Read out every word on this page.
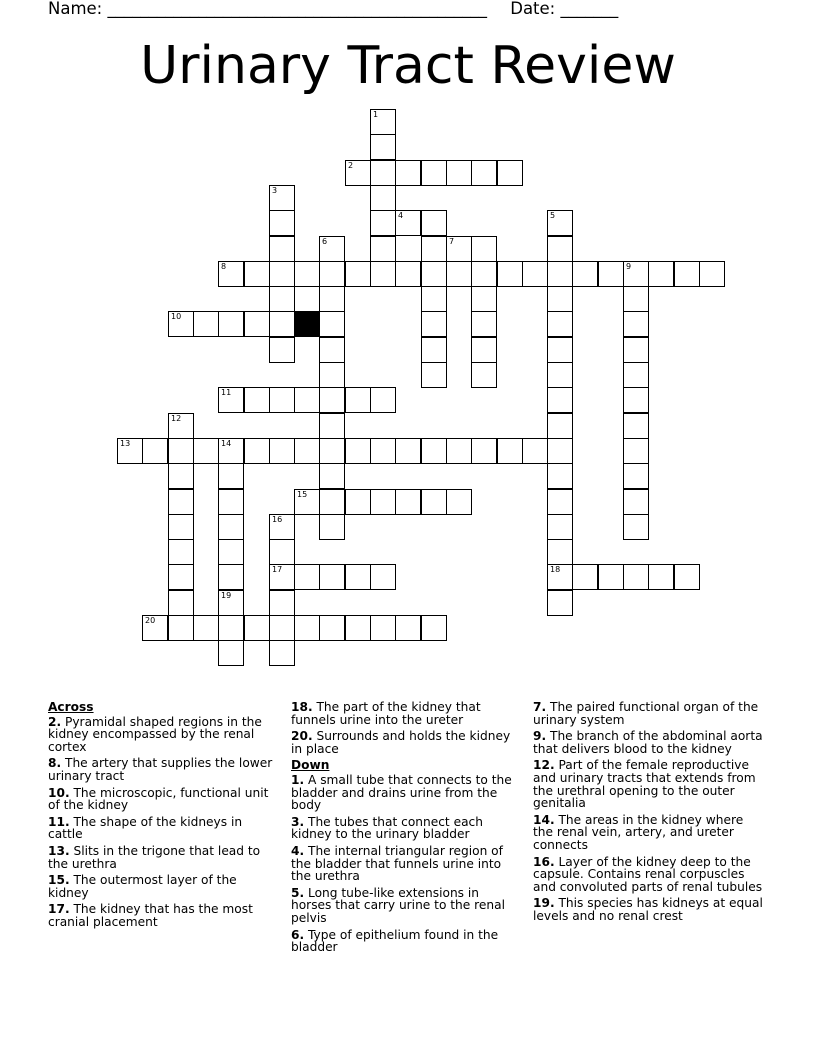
Name: ______________________________________________ Date: _______
Urinary Tract Review
2
8	9
10
11
13	14
15
17	18
20
1
3
5
6
12
16
19
4
7
Across
2. Pyramidal shaped regions in the kidney encompassed by the renal cortex
8. The artery that supplies the lower urinary tract
10. The microscopic, functional unit of the kidney
11. The shape of the kidneys in cattle
13. Slits in the trigone that lead to the urethra
15. The outermost layer of the kidney
17. The kidney that has the most cranial placement
18. The part of the kidney that funnels urine into the ureter
20. Surrounds and holds the kidney in place
Down
1. A small tube that connects to the bladder and drains urine from the body
3. The tubes that connect each kidney to the urinary bladder
4. The internal triangular region of the bladder that funnels urine into the urethra
5. Long tube-like extensions in horses that carry urine to the renal pelvis
6. Type of epithelium found in the bladder
7. The paired functional organ of the urinary system
9. The branch of the abdominal aorta that delivers blood to the kidney
12. Part of the female reproductive and urinary tracts that extends from the urethral opening to the outer genitalia
14. The areas in the kidney where the renal vein, artery, and ureter connects
16. Layer of the kidney deep to the capsule. Contains renal corpuscles and convoluted parts of renal tubules
19. This species has kidneys at equal levels and no renal crest
